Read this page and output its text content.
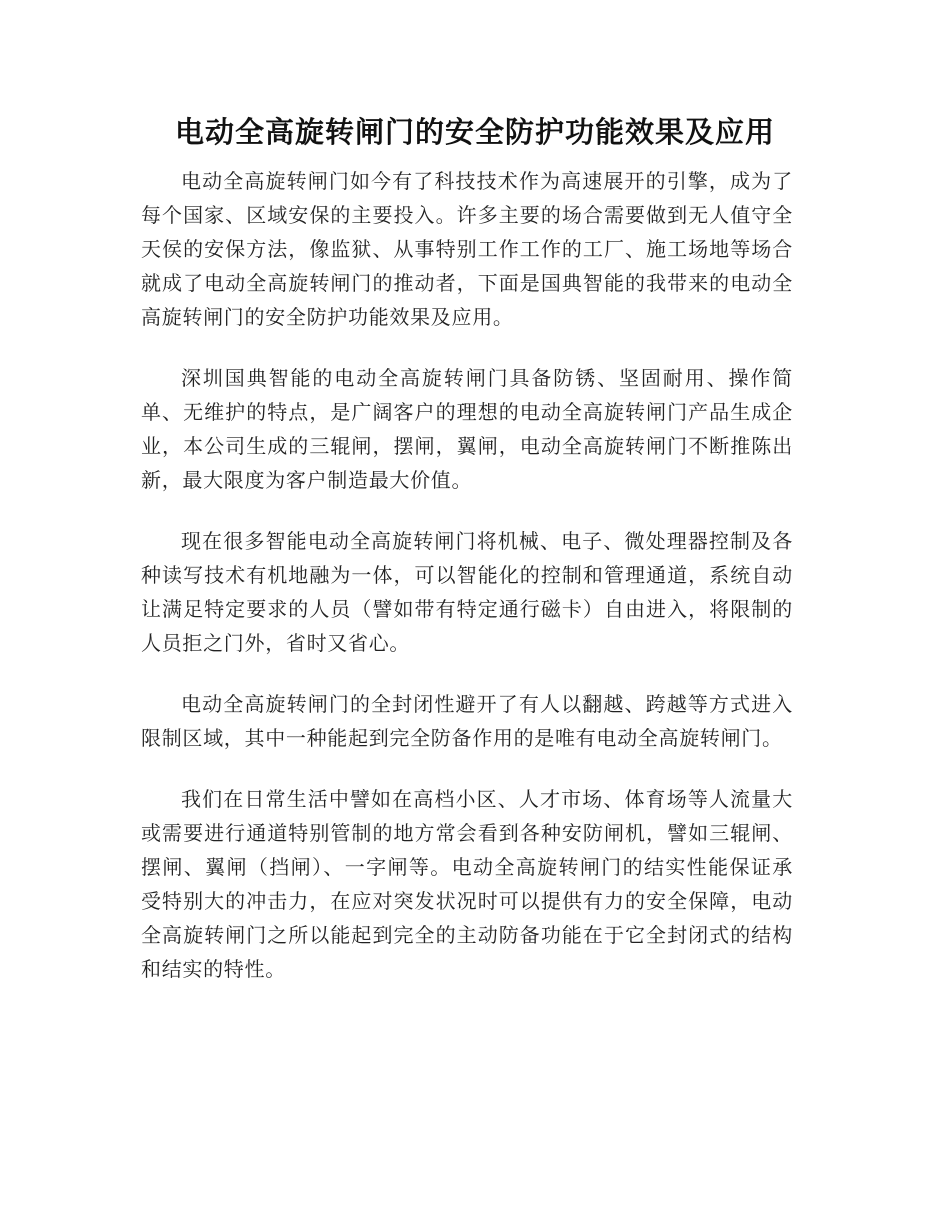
电动全高旋转闸门的安全防护功能效果及应用

电动全高旋转闸门如今有了科技技术作为高速展开的引擎，成为了每个国家、区域安保的主要投入。许多主要的场合需要做到无人值守全天侯的安保方法，像监狱、从事特别工作工作的工厂、施工场地等场合就成了电动全高旋转闸门的推动者，下面是国典智能的我带来的电动全高旋转闸门的安全防护功能效果及应用。

深圳国典智能的电动全高旋转闸门具备防锈、坚固耐用、操作简单、无维护的特点，是广阔客户的理想的电动全高旋转闸门产品生成企业，本公司生成的三辊闸，摆闸，翼闸，电动全高旋转闸门不断推陈出新，最大限度为客户制造最大价值。

现在很多智能电动全高旋转闸门将机械、电子、微处理器控制及各种读写技术有机地融为一体，可以智能化的控制和管理通道，系统自动让满足特定要求的人员（譬如带有特定通行磁卡）自由进入，将限制的人员拒之门外，省时又省心。

电动全高旋转闸门的全封闭性避开了有人以翻越、跨越等方式进入限制区域，其中一种能起到完全防备作用的是唯有电动全高旋转闸门。

我们在日常生活中譬如在高档小区、人才市场、体育场等人流量大或需要进行通道特别管制的地方常会看到各种安防闸机，譬如三辊闸、摆闸、翼闸（挡闸）、一字闸等。电动全高旋转闸门的结实性能保证承受特别大的冲击力，在应对突发状况时可以提供有力的安全保障，电动全高旋转闸门之所以能起到完全的主动防备功能在于它全封闭式的结构和结实的特性。
